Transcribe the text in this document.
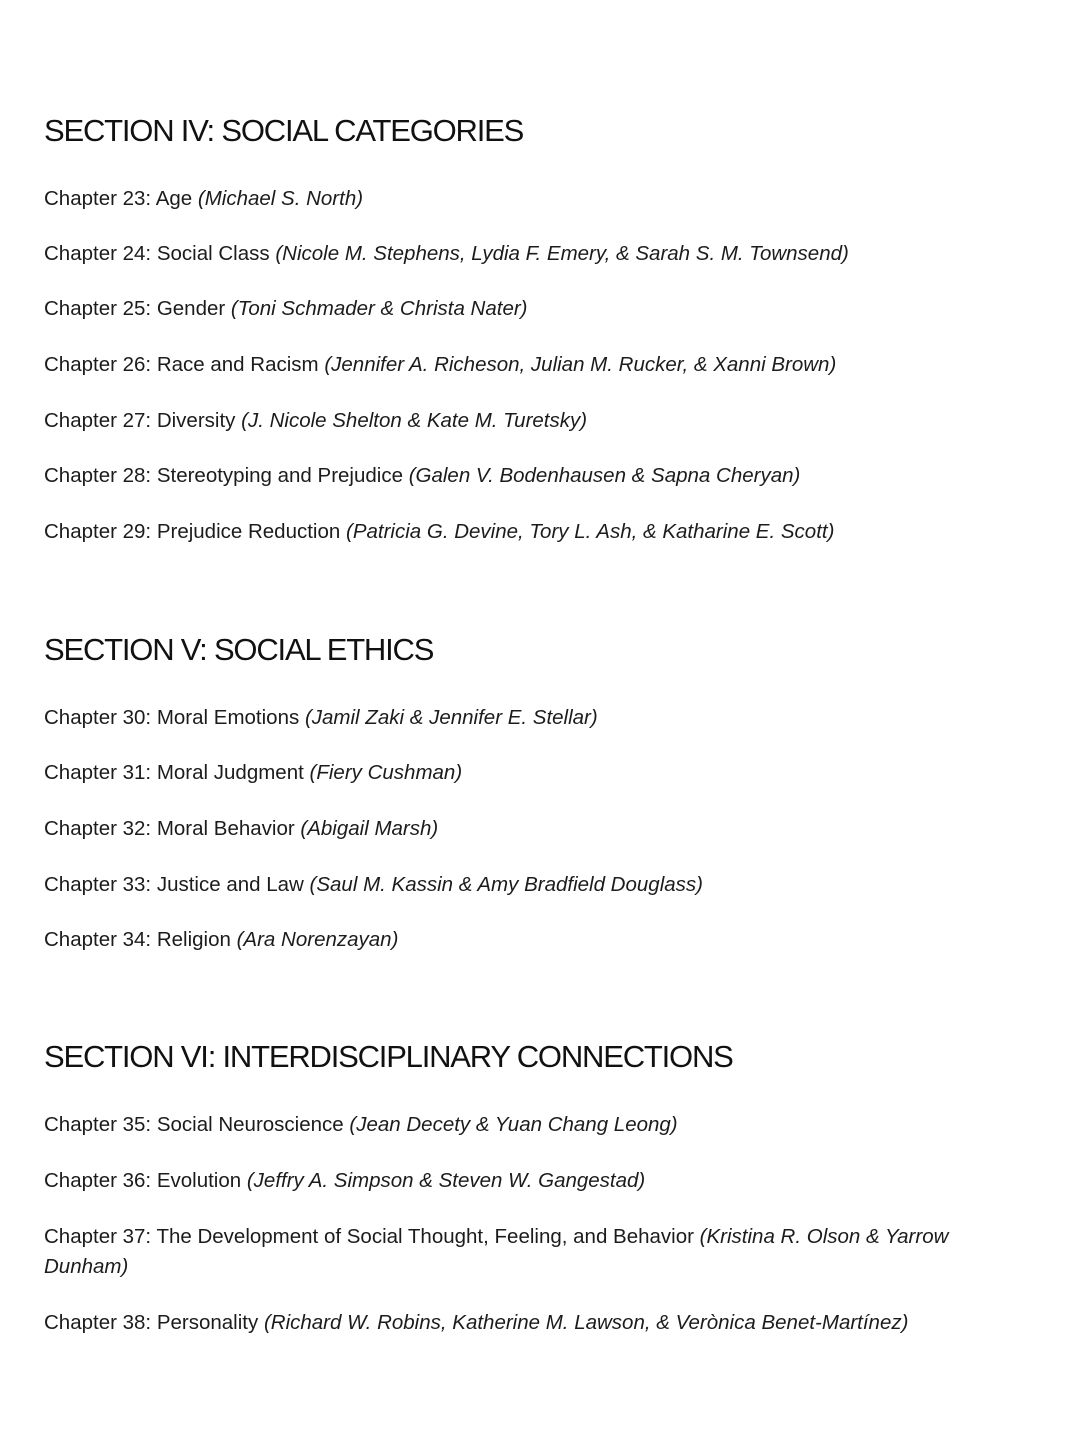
SECTION IV: SOCIAL CATEGORIES
Chapter 23: Age (Michael S. North)
Chapter 24: Social Class (Nicole M. Stephens, Lydia F. Emery, & Sarah S. M. Townsend)
Chapter 25: Gender (Toni Schmader & Christa Nater)
Chapter 26: Race and Racism (Jennifer A. Richeson, Julian M. Rucker, & Xanni Brown)
Chapter 27: Diversity (J. Nicole Shelton & Kate M. Turetsky)
Chapter 28: Stereotyping and Prejudice (Galen V. Bodenhausen & Sapna Cheryan)
Chapter 29: Prejudice Reduction (Patricia G. Devine, Tory L. Ash, & Katharine E. Scott)
SECTION V: SOCIAL ETHICS
Chapter 30: Moral Emotions (Jamil Zaki & Jennifer E. Stellar)
Chapter 31: Moral Judgment (Fiery Cushman)
Chapter 32: Moral Behavior (Abigail Marsh)
Chapter 33: Justice and Law (Saul M. Kassin & Amy Bradfield Douglass)
Chapter 34: Religion (Ara Norenzayan)
SECTION VI: INTERDISCIPLINARY CONNECTIONS
Chapter 35: Social Neuroscience (Jean Decety & Yuan Chang Leong)
Chapter 36: Evolution (Jeffry A. Simpson & Steven W. Gangestad)
Chapter 37: The Development of Social Thought, Feeling, and Behavior (Kristina R. Olson & Yarrow Dunham)
Chapter 38: Personality (Richard W. Robins, Katherine M. Lawson, & Verònica Benet-Martínez)
